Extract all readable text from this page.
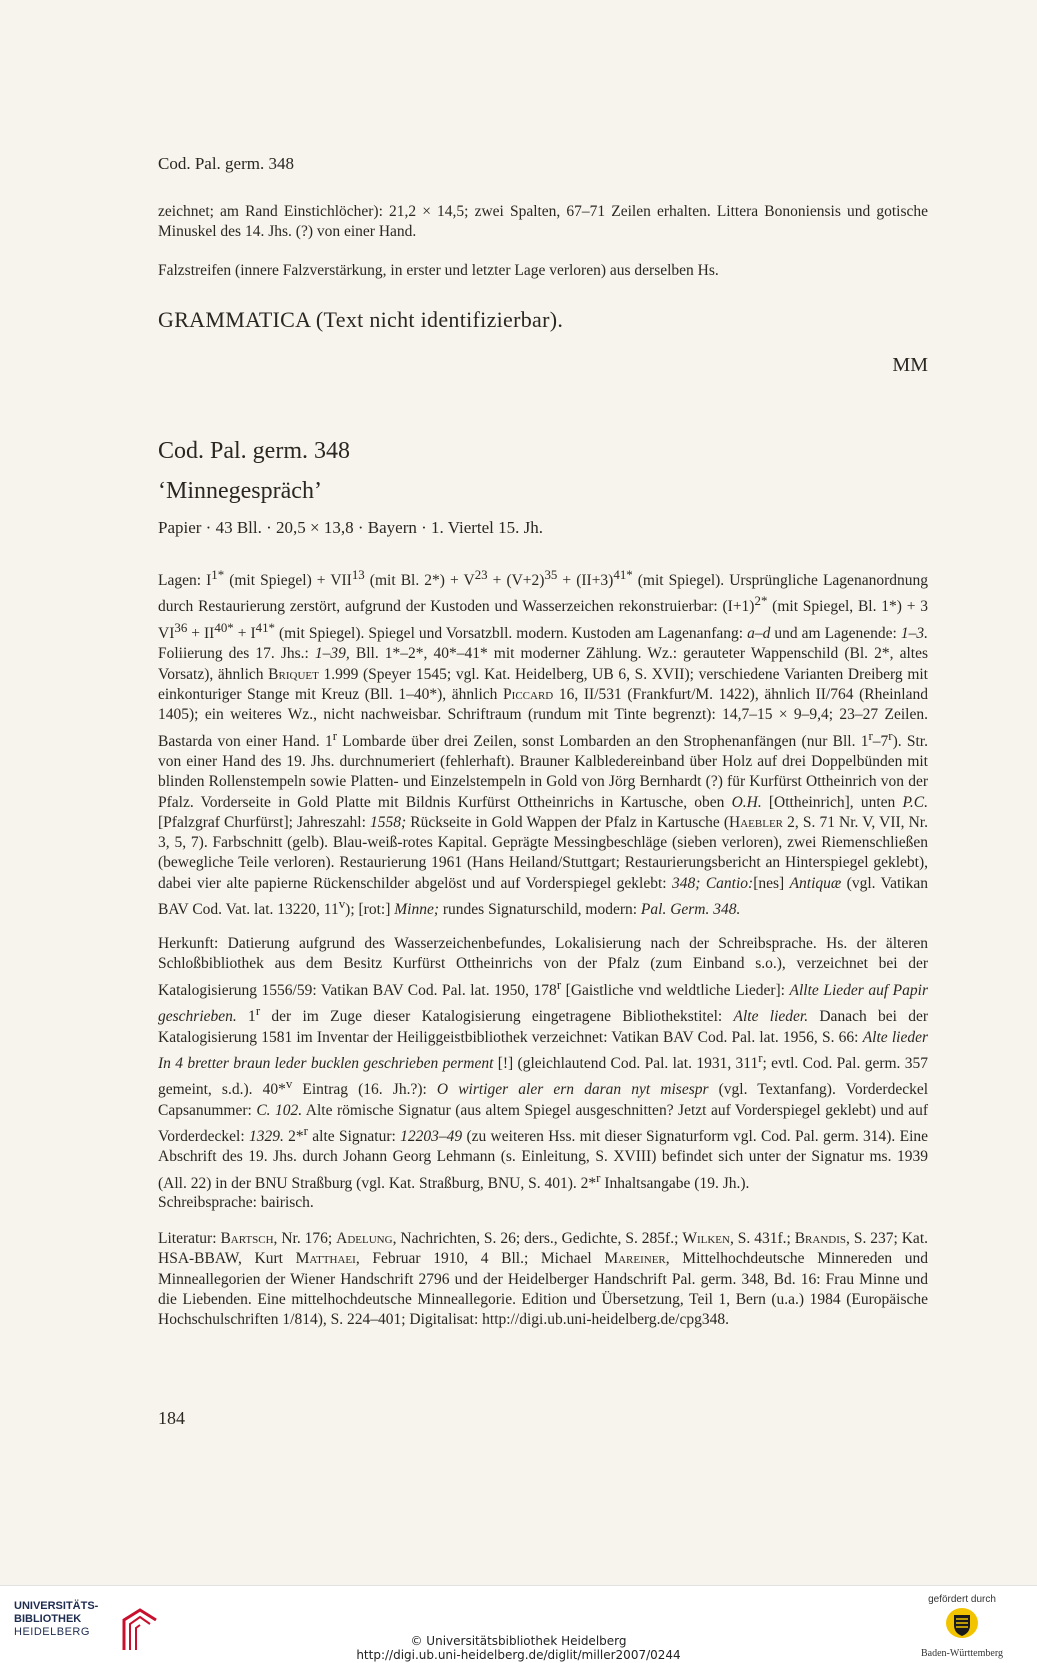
Cod. Pal. germ. 348

zeichnet; am Rand Einstichlöcher): 21,2 × 14,5; zwei Spalten, 67–71 Zeilen erhalten. Littera Bononiensis und gotische Minuskel des 14. Jhs. (?) von einer Hand.

Falzstreifen (innere Falzverstärkung, in erster und letzter Lage verloren) aus derselben Hs.

GRAMMATICA (Text nicht identifizierbar).
MM
Cod. Pal. germ. 348
‘Minnegespräch’
Papier · 43 Bll. · 20,5 × 13,8 · Bayern · 1. Viertel 15. Jh.

Lagen: $I^{1*}$ (mit Spiegel) + $VII^{13}$ (mit Bl. $2*) + V^{23} + (V+2)^{35} + (II+3)^{41*}$ (mit Spiegel). Ursprüngliche Lagenanordnung durch Restaurierung zerstört, aufgrund der Kustoden und Wasserzeichen rekonstruierbar: $(I+1)^{2*}$ (mit Spiegel, Bl. 1*) + 3 $VI^{36} + II^{40*} + I^{41*}$ (mit Spiegel). Spiegel und Vorsatzbll. modern. Kustoden am Lagenanfang: a–d und am Lagenende: 1–3. Foliierung des 17. Jhs.: 1–39, Bll. 1*–2*, 40*–41* mit moderner Zählung. Wz.: gerauteter Wappenschild (Bl. 2*, altes Vorsatz), ähnlich Briquet 1.999 (Speyer 1545; vgl. Kat. Heidelberg, UB 6, S. XVII); verschiedene Varianten Dreiberg mit einkonturiger Stange mit Kreuz (Bll. 1–40*), ähnlich Piccard 16, II/531 (Frankfurt/M. 1422), ähnlich II/764 (Rheinland 1405); ein weiteres Wz., nicht nachweisbar. Schriftraum (rundum mit Tinte begrenzt): 14,7–15 × 9–9,4; 23–27 Zeilen. Bastarda von einer Hand. 1$^r$ Lombarde über drei Zeilen, sonst Lombarden an den Strophenanfängen (nur Bll. 1$^r$–7$^r$). Str. von einer Hand des 19. Jhs. durchnumeriert (fehlerhaft). Brauner Kalbledereinband über Holz auf drei Doppelbünden mit blinden Rollenstempeln sowie Platten- und Einzelstempeln in Gold von Jörg Bernhardt (?) für Kurfürst Ottheinrich von der Pfalz. Vorderseite in Gold Platte mit Bildnis Kurfürst Ottheinrichs in Kartusche, oben O.H. [Ottheinrich], unten P.C. [Pfalzgraf Churfürst]; Jahreszahl: 1558; Rückseite in Gold Wappen der Pfalz in Kartusche (Haebler 2, S. 71 Nr. V, VII, Nr. 3, 5, 7). Farbschnitt (gelb). Blau-weiß-rotes Kapital. Geprägte Messingbeschläge (sieben verloren), zwei Riemenschließen (bewegliche Teile verloren). Restaurierung 1961 (Hans Heiland/Stuttgart; Restaurierungsbericht an Hinterspiegel geklebt), dabei vier alte papierne Rückenschilder abgelöst und auf Vorderspiegel geklebt: 348; Cantio:[nes] Antiquæ (vgl. Vatikan BAV Cod. Vat. lat. 13220, 11$^v$); [rot:] Minne; rundes Signaturschild, modern: Pal. Germ. 348.

Herkunft: Datierung aufgrund des Wasserzeichenbefundes, Lokalisierung nach der Schreibsprache. Hs. der älteren Schloßbibliothek aus dem Besitz Kurfürst Ottheinrichs von der Pfalz (zum Einband s.o.), verzeichnet bei der Katalogisierung 1556/59: Vatikan BAV Cod. Pal. lat. 1950, 178$^r$ [Gaistliche vnd weldtliche Lieder]: Allte Lieder auf Papir geschrieben. 1$^r$ der im Zuge dieser Katalogisierung eingetragene Bibliothekstitel: Alte lieder. Danach bei der Katalogisierung 1581 im Inventar der Heiliggeistbibliothek verzeichnet: Vatikan BAV Cod. Pal. lat. 1956, S. 66: Alte lieder In 4 bretter braun leder bucklen geschrieben perment [!] (gleichlautend Cod. Pal. lat. 1931, 311$^r$; evtl. Cod. Pal. germ. 357 gemeint, s.d.). 40*$^v$ Eintrag (16. Jh.?): O wirtiger aler ern daran nyt misespr (vgl. Textanfang). Vorderdeckel Capsanummer: C. 102. Alte römische Signatur (aus altem Spiegel ausgeschnitten? Jetzt auf Vorderspiegel geklebt) und auf Vorderdeckel: 1329. 2*$^r$ alte Signatur: 12203–49 (zu weiteren Hss. mit dieser Signaturform vgl. Cod. Pal. germ. 314). Eine Abschrift des 19. Jhs. durch Johann Georg Lehmann (s. Einleitung, S. XVIII) befindet sich unter der Signatur ms. 1939 (All. 22) in der BNU Straßburg (vgl. Kat. Straßburg, BNU, S. 401). 2*$^r$ Inhaltsangabe (19. Jh.).

Schreibsprache: bairisch.

Literatur: Bartsch, Nr. 176; Adelung, Nachrichten, S. 26; ders., Gedichte, S. 285f.; Wilken, S. 431f.; Brandis, S. 237; Kat. HSA-BBAW, Kurt Matthaei, Februar 1910, 4 Bll.; Michael Mareiner, Mittelhochdeutsche Minnereden und Minneallegorien der Wiener Handschrift 2796 und der Heidelberger Handschrift Pal. germ. 348, Bd. 16: Frau Minne und die Liebenden. Eine mittelhochdeutsche Minneallegorie. Edition und Übersetzung, Teil 1, Bern (u.a.) 1984 (Europäische Hochschulschriften 1/814), S. 224–401; Digitalisat: http://digi.ub.uni-heidelberg.de/cpg348.

184
UNIVERSITÄTS-
BIBLIOTHEK
HEIDELBERG
© Universitätsbibliothek Heidelberg
http://digi.ub.uni-heidelberg.de/diglit/miller2007/0244
gefördert durch
Baden-Württemberg
